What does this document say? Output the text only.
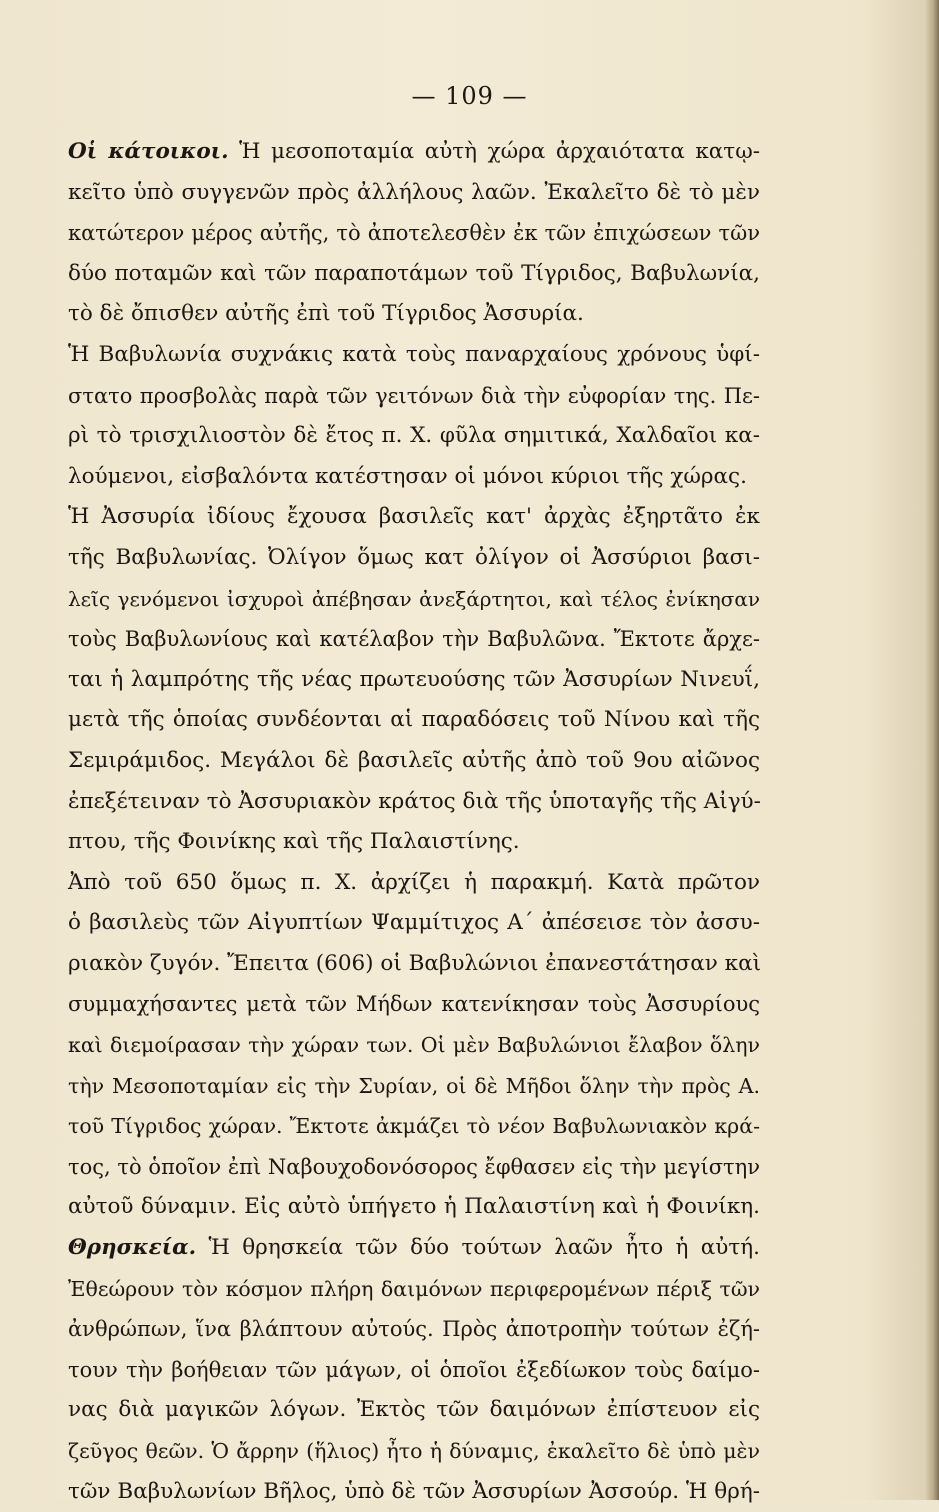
— 109 —
Οἱ κάτοικοι. Ἡ μεσοποταμία αὐτὴ χώρα ἀρχαιότατα κατῳ-
κεῖτο ὑπὸ συγγενῶν πρὸς ἀλλήλους λαῶν. Ἐκαλεῖτο δὲ τὸ μὲν
κατώτερον μέρος αὐτῆς, τὸ ἀποτελεσθὲν ἐκ τῶν ἐπιχώσεων τῶν
δύο ποταμῶν καὶ τῶν παραποτάμων τοῦ Τίγριδος, Βαβυλωνία,
τὸ δὲ ὄπισθεν αὐτῆς ἐπὶ τοῦ Τίγριδος Ἀσσυρία.
Ἡ Βαβυλωνία συχνάκις κατὰ τοὺς παναρχαίους χρόνους ὑφί-
στατο προσβολὰς παρὰ τῶν γειτόνων διὰ τὴν εὐφορίαν της. Πε-
ρὶ τὸ τρισχιλιοστὸν δὲ ἔτος π. Χ. φῦλα σημιτικά, Χαλδαῖοι κα-
λούμενοι, εἰσβαλόντα κατέστησαν οἱ μόνοι κύριοι τῆς χώρας.
Ἡ Ἀσσυρία ἰδίους ἔχουσα βασιλεῖς κατ' ἀρχὰς ἐξηρτᾶτο ἐκ
τῆς Βαβυλωνίας. Ὀλίγον ὅμως κατ ὀλίγον οἱ Ἀσσύριοι βασι-
λεῖς γενόμενοι ἰσχυροὶ ἀπέβησαν ἀνεξάρτητοι, καὶ τέλος ἐνίκησαν
τοὺς Βαβυλωνίους καὶ κατέλαβον τὴν Βαβυλῶνα. Ἔκτοτε ἄρχε-
ται ἡ λαμπρότης τῆς νέας πρωτευούσης τῶν Ἀσσυρίων Νινευΐ,
μετὰ τῆς ὁποίας συνδέονται αἱ παραδόσεις τοῦ Νίνου καὶ τῆς
Σεμιράμιδος. Μεγάλοι δὲ βασιλεῖς αὐτῆς ἀπὸ τοῦ 9ου αἰῶνος
ἐπεξέτειναν τὸ Ἀσσυριακὸν κράτος διὰ τῆς ὑποταγῆς τῆς Αἰγύ-
πτου, τῆς Φοινίκης καὶ τῆς Παλαιστίνης.
Ἀπὸ τοῦ 650 ὅμως π. Χ. ἀρχίζει ἡ παρακμή. Κατὰ πρῶτον
ὁ βασιλεὺς τῶν Αἰγυπτίων Ψαμμίτιχος Α΄ ἀπέσεισε τὸν ἀσσυ-
ριακὸν ζυγόν. Ἔπειτα (606) οἱ Βαβυλώνιοι ἐπανεστάτησαν καὶ
συμμαχήσαντες μετὰ τῶν Μήδων κατενίκησαν τοὺς Ἀσσυρίους
καὶ διεμοίρασαν τὴν χώραν των. Οἱ μὲν Βαβυλώνιοι ἔλαβον ὅλην
τὴν Μεσοποταμίαν εἰς τὴν Συρίαν, οἱ δὲ Μῆδοι ὅλην τὴν πρὸς Α.
τοῦ Τίγριδος χώραν. Ἔκτοτε ἀκμάζει τὸ νέον Βαβυλωνιακὸν κρά-
τος, τὸ ὁποῖον ἐπὶ Ναβουχοδονόσορος ἔφθασεν εἰς τὴν μεγίστην
αὐτοῦ δύναμιν. Εἰς αὐτὸ ὑπήγετο ἡ Παλαιστίνη καὶ ἡ Φοινίκη.
Θρησκεία. Ἡ θρησκεία τῶν δύο τούτων λαῶν ἦτο ἡ αὐτή.
Ἐθεώρουν τὸν κόσμον πλήρη δαιμόνων περιφερομένων πέριξ τῶν
ἀνθρώπων, ἵνα βλάπτουν αὐτούς. Πρὸς ἀποτροπὴν τούτων ἐζή-
τουν τὴν βοήθειαν τῶν μάγων, οἱ ὁποῖοι ἐξεδίωκον τοὺς δαίμο-
νας διὰ μαγικῶν λόγων. Ἐκτὸς τῶν δαιμόνων ἐπίστευον εἰς
ζεῦγος θεῶν. Ὁ ἄρρην (ἥλιος) ἦτο ἡ δύναμις, ἐκαλεῖτο δὲ ὑπὸ μὲν
τῶν Βαβυλωνίων Βῆλος, ὑπὸ δὲ τῶν Ἀσσυρίων Ἀσσούρ. Ἡ θρή-
